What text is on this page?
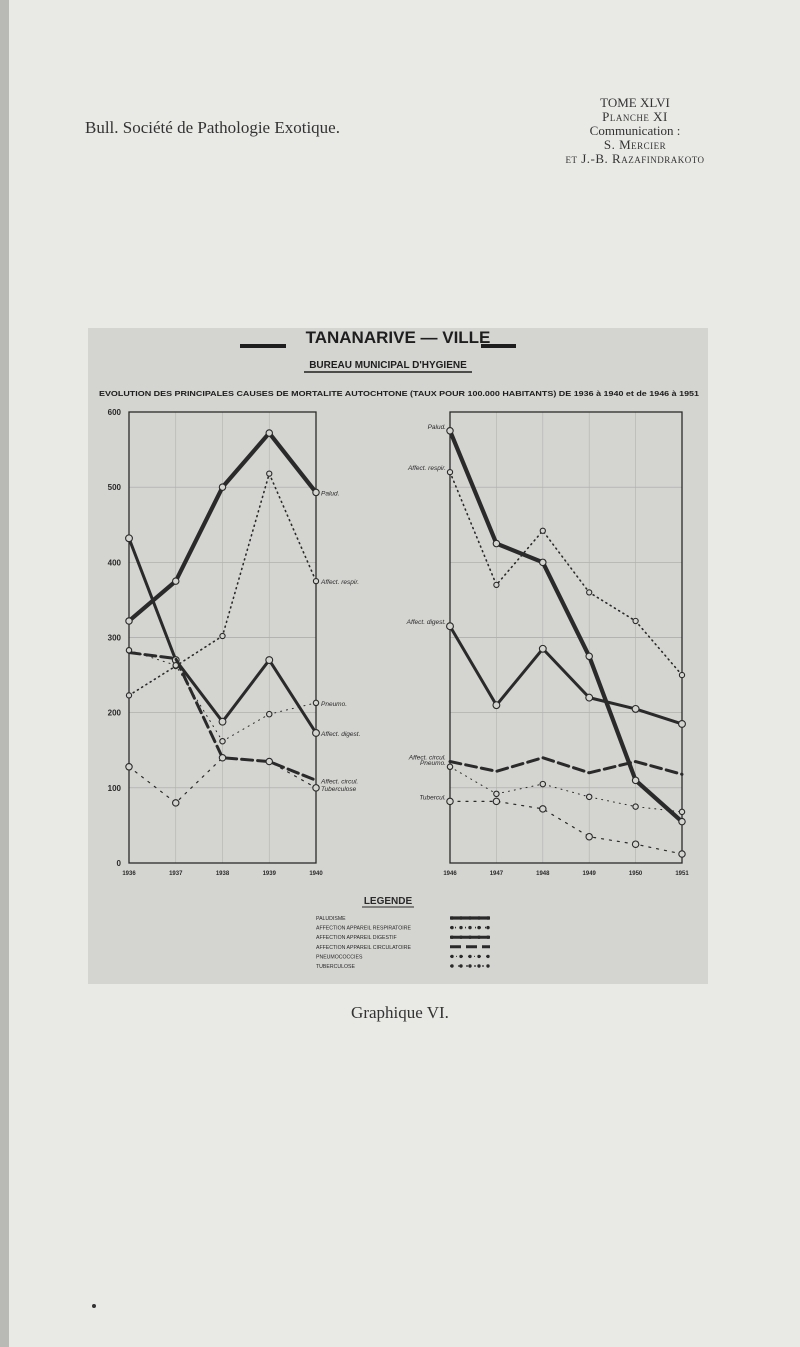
Bull. Société de Pathologie Exotique.
TOME XLVI
Planche XI
Communication :
S. Mercier
et J.-B. Razafindrakoto
TANANARIVE — VILLE
BUREAU MUNICIPAL D'HYGIENE
EVOLUTION DES PRINCIPALES CAUSES DE MORTALITE AUTOCHTONE (TAUX POUR 100.000 HABITANTS) DE 1936 à 1940 et de 1946 à 1951
0
100
200
300
400
500
600
1936	1937	1938	1939	1940
Palud.
Affect. respir.
Affect. digest.
Affect. circul.
Pneumo.
Tuberculose
1946	1947	1948	1949	1950	1951
Palud.
Affect. respir.
Affect. digest.
Affect. circul.
Pneumo.
Tubercul.
LEGENDE
PALUDISME
AFFECTION APPAREIL RESPIRATOIRE
AFFECTION APPAREIL DIGESTIF
AFFECTION APPAREIL CIRCULATOIRE
PNEUMOCOCCIES
TUBERCULOSE
Graphique VI.
